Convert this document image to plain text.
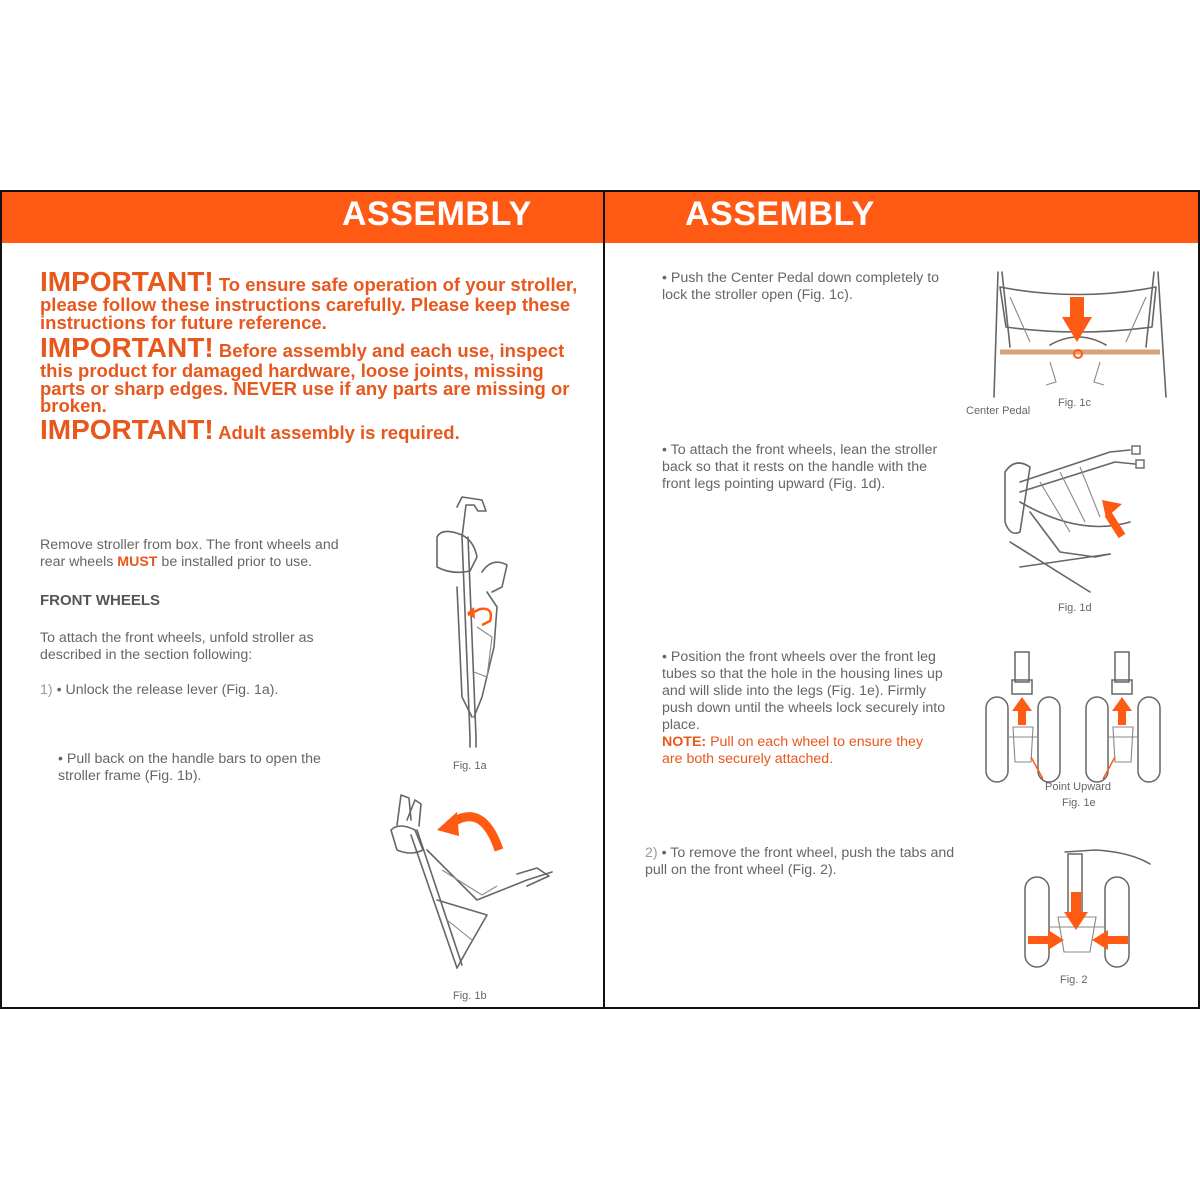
ASSEMBLY
IMPORTANT! To ensure safe operation of your stroller, please follow these instructions carefully. Please keep these instructions for future reference.
IMPORTANT! Before assembly and each use, inspect this product for damaged hardware, loose joints, missing parts or sharp edges. NEVER use if any parts are missing or broken.
IMPORTANT! Adult assembly is required.
Remove stroller from box. The front wheels and rear wheels MUST be installed prior to use.
FRONT WHEELS
To attach the front wheels, unfold stroller as described in the section following:
1) • Unlock the release lever (Fig. 1a).
• Pull back on the handle bars to open the stroller frame (Fig. 1b).
Fig. 1a
Fig. 1b
ASSEMBLY
• Push the Center Pedal down completely to lock the stroller open (Fig. 1c).
Center Pedal
Fig. 1c
• To attach the front wheels, lean the stroller back so that it rests on the handle with the front legs pointing upward (Fig. 1d).
Fig. 1d
• Position the front wheels over the front leg tubes so that the hole in the housing lines up and will slide into the legs (Fig. 1e). Firmly push down until the wheels lock securely into place.
NOTE: Pull on each wheel to ensure they are both securely attached.
Point Upward
Fig. 1e
2) • To remove the front wheel, push the tabs and pull on the front wheel (Fig. 2).
Fig. 2
